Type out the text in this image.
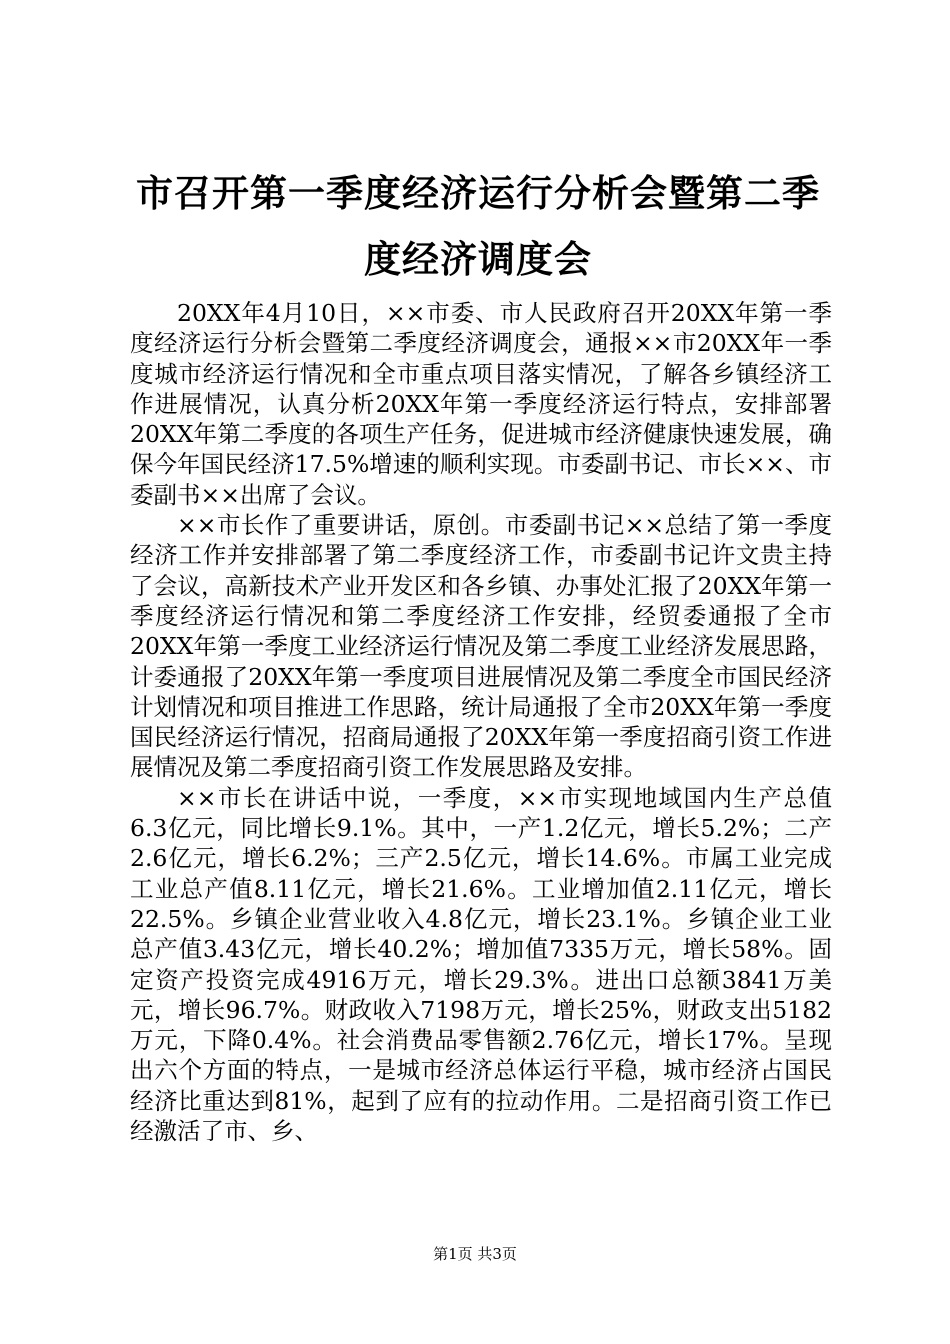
市召开第一季度经济运行分析会暨第二季度经济调度会

20XX年4月10日，××市委、市人民政府召开20XX年第一季度经济运行分析会暨第二季度经济调度会，通报××市20XX年一季度城市经济运行情况和全市重点项目落实情况，了解各乡镇经济工作进展情况，认真分析20XX年第一季度经济运行特点，安排部署20XX年第二季度的各项生产任务，促进城市经济健康快速发展，确保今年国民经济17.5%增速的顺利实现。市委副书记、市长××、市委副书××出席了会议。

××市长作了重要讲话，原创。市委副书记××总结了第一季度经济工作并安排部署了第二季度经济工作，市委副书记许文贵主持了会议，高新技术产业开发区和各乡镇、办事处汇报了20XX年第一季度经济运行情况和第二季度经济工作安排，经贸委通报了全市20XX年第一季度工业经济运行情况及第二季度工业经济发展思路，计委通报了20XX年第一季度项目进展情况及第二季度全市国民经济计划情况和项目推进工作思路，统计局通报了全市20XX年第一季度国民经济运行情况，招商局通报了20XX年第一季度招商引资工作进展情况及第二季度招商引资工作发展思路及安排。

××市长在讲话中说，一季度，××市实现地域国内生产总值6.3亿元，同比增长9.1%。其中，一产1.2亿元，增长5.2%；二产2.6亿元，增长6.2%；三产2.5亿元，增长14.6%。市属工业完成工业总产值8.11亿元，增长21.6%。工业增加值2.11亿元，增长22.5%。乡镇企业营业收入4.8亿元，增长23.1%。乡镇企业工业总产值3.43亿元，增长40.2%；增加值7335万元，增长58%。固定资产投资完成4916万元，增长29.3%。进出口总额3841万美元，增长96.7%。财政收入7198万元，增长25%，财政支出5182万元，下降0.4%。社会消费品零售额2.76亿元，增长17%。呈现出六个方面的特点，一是城市经济总体运行平稳，城市经济占国民经济比重达到81%，起到了应有的拉动作用。二是招商引资工作已经激活了市、乡、

第1页 共3页
